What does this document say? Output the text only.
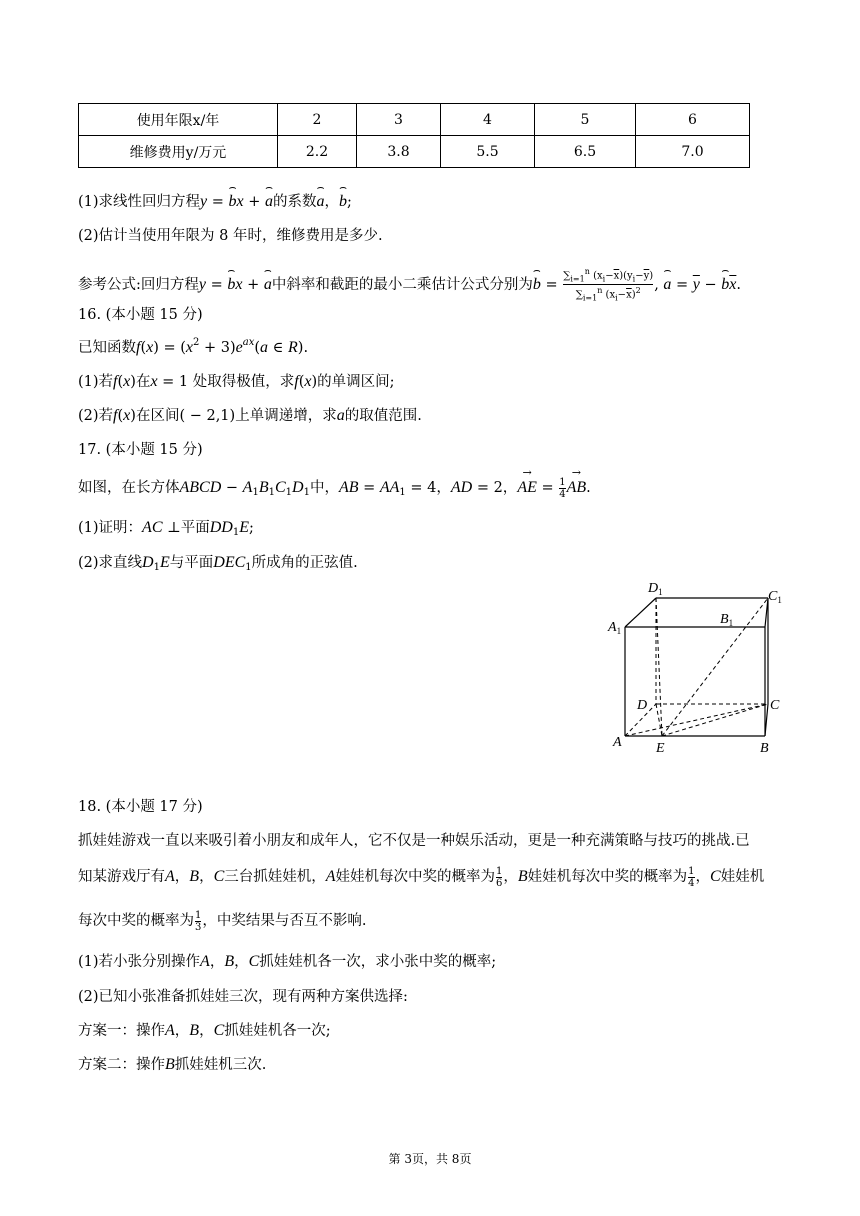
使用年限x/年	2	3	4	5	6
维修费用y/万元	2.2	3.8	5.5	6.5	7.0
(1)求线性回归方程y = ⌢ bx + ⌢ a的系数⌢ a，⌢ b;
(2)估计当使用年限为 8 年时，维修费用是多少.
参考公式:回归方程y = ⌢ bx + ⌢ a中斜率和截距的最小二乘估计公式分别为⌢ $b = \frac{\sum_{i=1}^n (x_i-\overline{x})(y_i-\overline{y})}{\sum_{i=1}^n (x_i-\overline{x})^2}$ , ⌢ $a = \overline{y}$ − ⌢ $b\overline{x}$.
16. (本小题 15 分)
已知函数$f(x) = (x^2 + 3)e^{ax}(a$ ∈ R).
(1)若f(x)在x = 1 处取得极值，求f(x)的单调区间;
(2)若f(x)在区间( − 2,1)上单调递增，求a的取值范围.
17. (本小题 15 分)
如图，在长方体ABCD − $A_1B_1C_1D_1$中，AB = $AA_1 = 4$，AD = 2，→ AE = $\frac{1}{4}$ → AB.
(1)证明：AC ⊥平面$DD_1E$;
(2)求直线$D_1E$与平面$DEC_1$所成角的正弦值.
$D_1$	$C_1$
$A_1$
$B_1$
D	C
A E	B
18. (本小题 17 分)
抓娃娃游戏一直以来吸引着小朋友和成年人，它不仅是一种娱乐活动，更是一种充满策略与技巧的挑战.已
知某游戏厅有A，B，C三台抓娃娃机，A娃娃机每次中奖的概率为 $\frac{1}{6}$ ，B娃娃机每次中奖的概率为 $\frac{1}{4}$ ，C娃娃机
每次中奖的概率为 $\frac{1}{3}$ ，中奖结果与否互不影响.
(1)若小张分别操作A，B，C抓娃娃机各一次，求小张中奖的概率;
(2)已知小张准备抓娃娃三次，现有两种方案供选择:
方案一：操作A，B，C抓娃娃机各一次;
方案二：操作B抓娃娃机三次.
第 3页，共 8页
